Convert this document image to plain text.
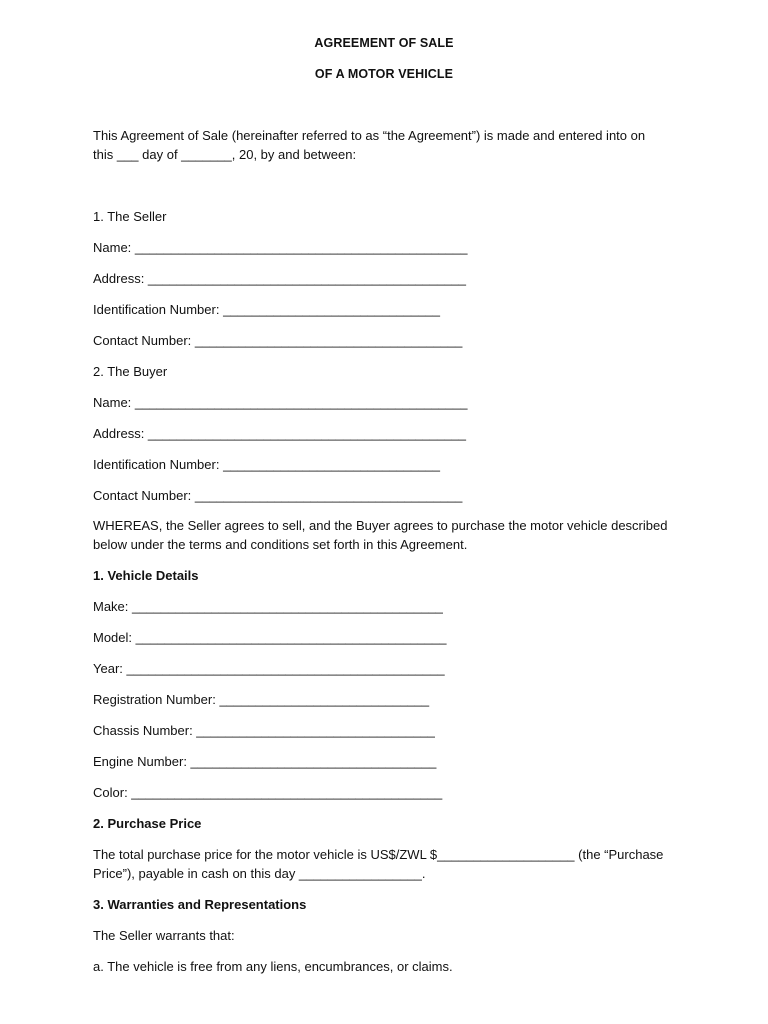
AGREEMENT OF SALE

OF A MOTOR VEHICLE

This Agreement of Sale (hereinafter referred to as “the Agreement”) is made and entered into on
this ___ day of _______, 20, by and between:

1. The Seller

Name: ______________________________________________

Address: ____________________________________________

Identification Number: ______________________________

Contact Number: _____________________________________

2. The Buyer

Name: ______________________________________________

Address: ____________________________________________

Identification Number: ______________________________

Contact Number: _____________________________________

WHEREAS, the Seller agrees to sell, and the Buyer agrees to purchase the motor vehicle described
below under the terms and conditions set forth in this Agreement.

1. Vehicle Details

Make: ___________________________________________

Model: ___________________________________________

Year: ____________________________________________

Registration Number: _____________________________

Chassis Number: _________________________________

Engine Number: __________________________________

Color: ___________________________________________

2. Purchase Price

The total purchase price for the motor vehicle is US$/ZWL $___________________ (the “Purchase
Price”), payable in cash on this day _________________.

3. Warranties and Representations

The Seller warrants that:

a. The vehicle is free from any liens, encumbrances, or claims.
